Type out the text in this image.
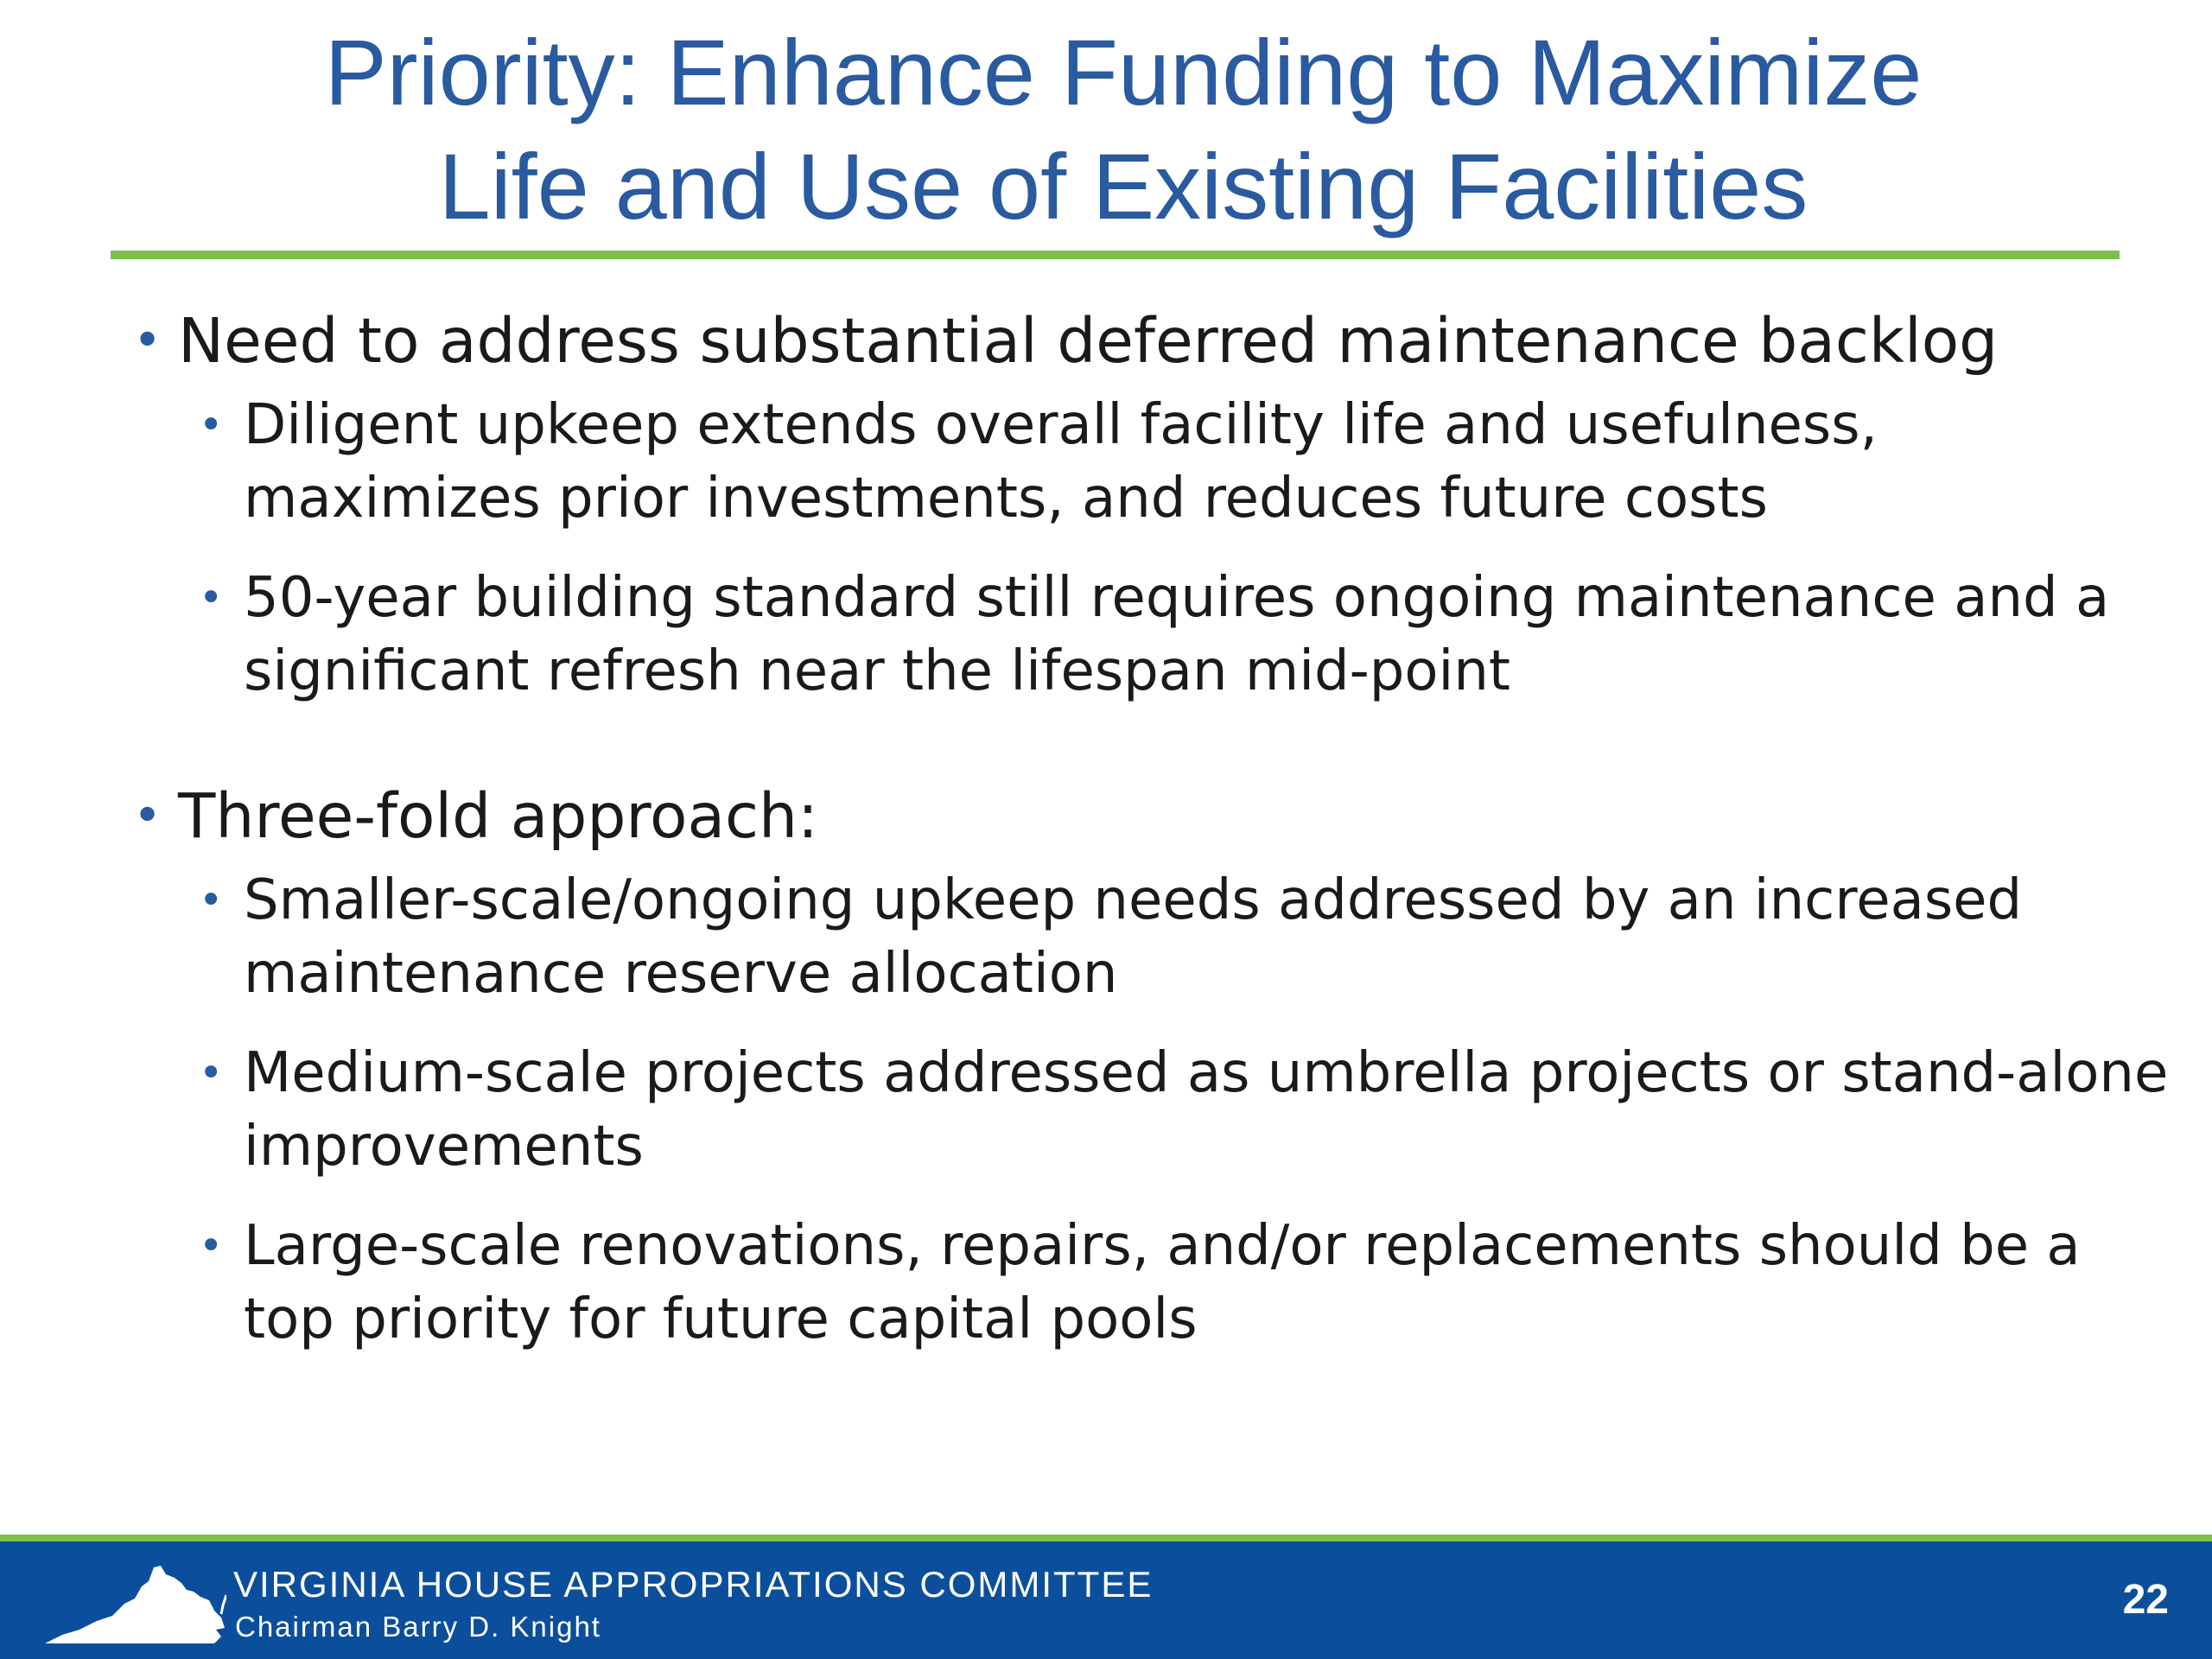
Priority: Enhance Funding to Maximize
Life and Use of Existing Facilities
• Need to address substantial deferred maintenance backlog
• Diligent upkeep extends overall facility life and usefulness, maximizes prior investments, and reduces future costs
• 50-year building standard still requires ongoing maintenance and a significant refresh near the lifespan mid-point
• Three-fold approach:
• Smaller-scale/ongoing upkeep needs addressed by an increased maintenance reserve allocation
• Medium-scale projects addressed as umbrella projects or stand-alone improvements
• Large-scale renovations, repairs, and/or replacements should be a top priority for future capital pools
VIRGINIA HOUSE APPROPRIATIONS COMMITTEE
Chairman Barry D. Knight
22
